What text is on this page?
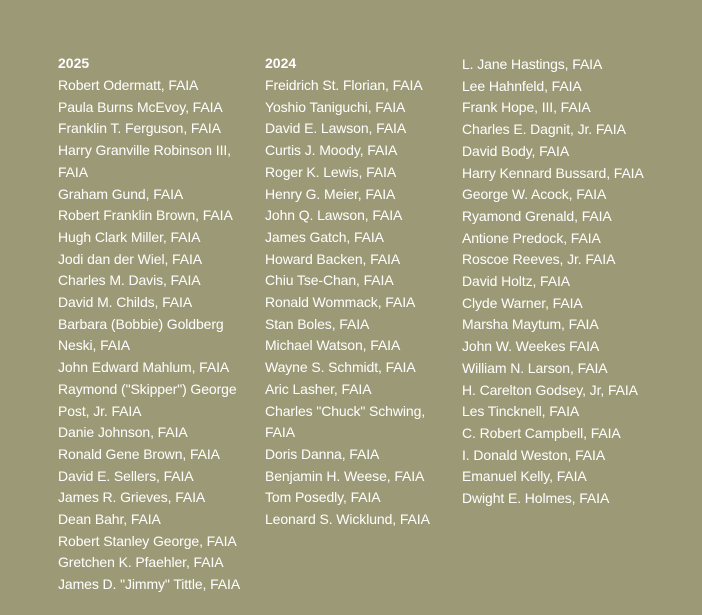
2025
Robert Odermatt, FAIA
Paula Burns McEvoy, FAIA
Franklin T. Ferguson, FAIA
Harry Granville Robinson III, FAIA
Graham Gund, FAIA
Robert Franklin Brown, FAIA
Hugh Clark Miller, FAIA
Jodi dan der Wiel, FAIA
Charles M. Davis, FAIA
David M. Childs, FAIA
Barbara (Bobbie) Goldberg Neski, FAIA
John Edward Mahlum, FAIA
Raymond ("Skipper") George Post, Jr. FAIA
Danie Johnson, FAIA
Ronald Gene Brown, FAIA
David E. Sellers, FAIA
James R. Grieves, FAIA
Dean Bahr, FAIA
Robert Stanley George, FAIA
Gretchen K. Pfaehler, FAIA
James D. "Jimmy" Tittle, FAIA
2024
Freidrich St. Florian, FAIA
Yoshio Taniguchi, FAIA
David E. Lawson, FAIA
Curtis J. Moody, FAIA
Roger K. Lewis, FAIA
Henry G. Meier, FAIA
John Q. Lawson, FAIA
James Gatch, FAIA
Howard Backen, FAIA
Chiu Tse-Chan, FAIA
Ronald Wommack, FAIA
Stan Boles, FAIA
Michael Watson, FAIA
Wayne S. Schmidt, FAIA
Aric Lasher, FAIA
Charles "Chuck" Schwing, FAIA
Doris Danna, FAIA
Benjamin H. Weese, FAIA
Tom Posedly, FAIA
Leonard S. Wicklund, FAIA
L. Jane Hastings, FAIA
Lee Hahnfeld, FAIA
Frank Hope, III, FAIA
Charles E. Dagnit, Jr. FAIA
David Body, FAIA
Harry Kennard Bussard, FAIA
George W. Acock, FAIA
Ryamond Grenald, FAIA
Antione Predock, FAIA
Roscoe Reeves, Jr. FAIA
David Holtz, FAIA
Clyde Warner, FAIA
Marsha Maytum, FAIA
John W. Weekes FAIA
William N. Larson, FAIA
H. Carelton Godsey, Jr, FAIA
Les Tincknell, FAIA
C. Robert Campbell, FAIA
I. Donald Weston, FAIA
Emanuel Kelly, FAIA
Dwight E. Holmes, FAIA
